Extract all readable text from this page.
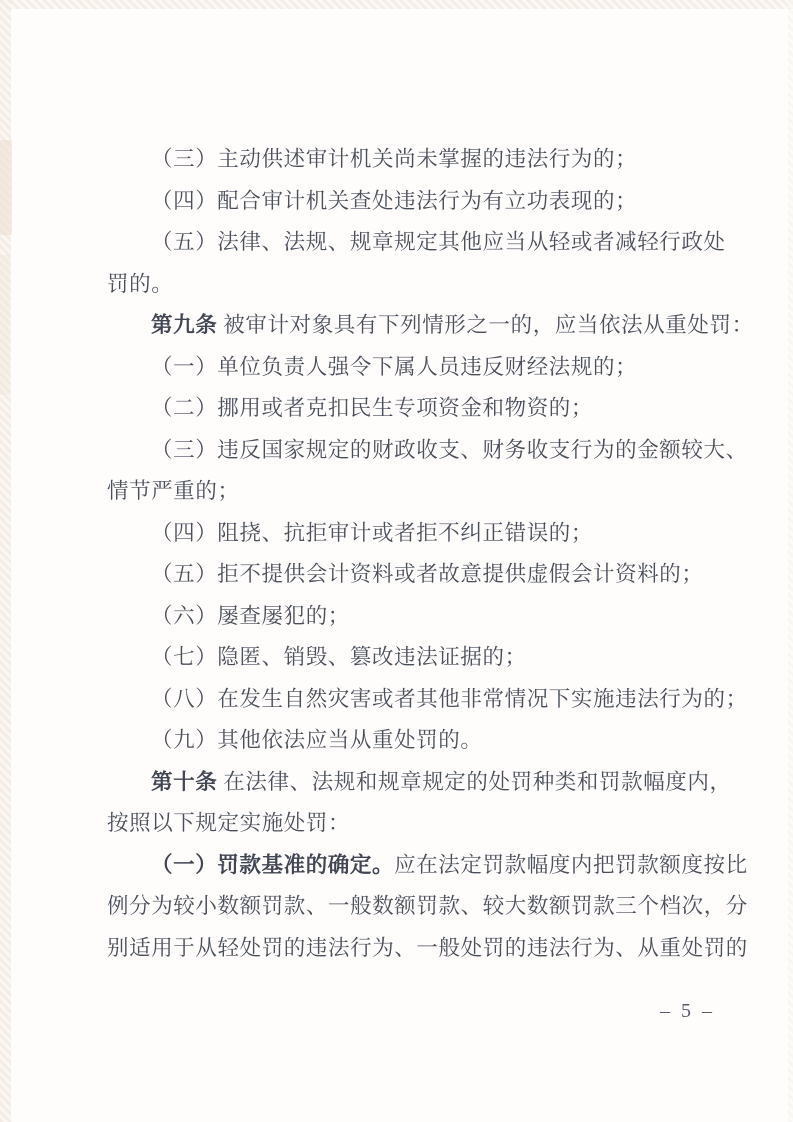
（三）主动供述审计机关尚未掌握的违法行为的；
（四）配合审计机关查处违法行为有立功表现的；
（五）法律、法规、规章规定其他应当从轻或者减轻行政处
罚的。
第九条 被审计对象具有下列情形之一的，应当依法从重处罚：
（一）单位负责人强令下属人员违反财经法规的；
（二）挪用或者克扣民生专项资金和物资的；
（三）违反国家规定的财政收支、财务收支行为的金额较大、
情节严重的；
（四）阻挠、抗拒审计或者拒不纠正错误的；
（五）拒不提供会计资料或者故意提供虚假会计资料的；
（六）屡查屡犯的；
（七）隐匿、销毁、篡改违法证据的；
（八）在发生自然灾害或者其他非常情况下实施违法行为的；
（九）其他依法应当从重处罚的。
第十条 在法律、法规和规章规定的处罚种类和罚款幅度内，
按照以下规定实施处罚：
（一）罚款基准的确定。应在法定罚款幅度内把罚款额度按比
例分为较小数额罚款、一般数额罚款、较大数额罚款三个档次，分
别适用于从轻处罚的违法行为、一般处罚的违法行为、从重处罚的
– 5 –
